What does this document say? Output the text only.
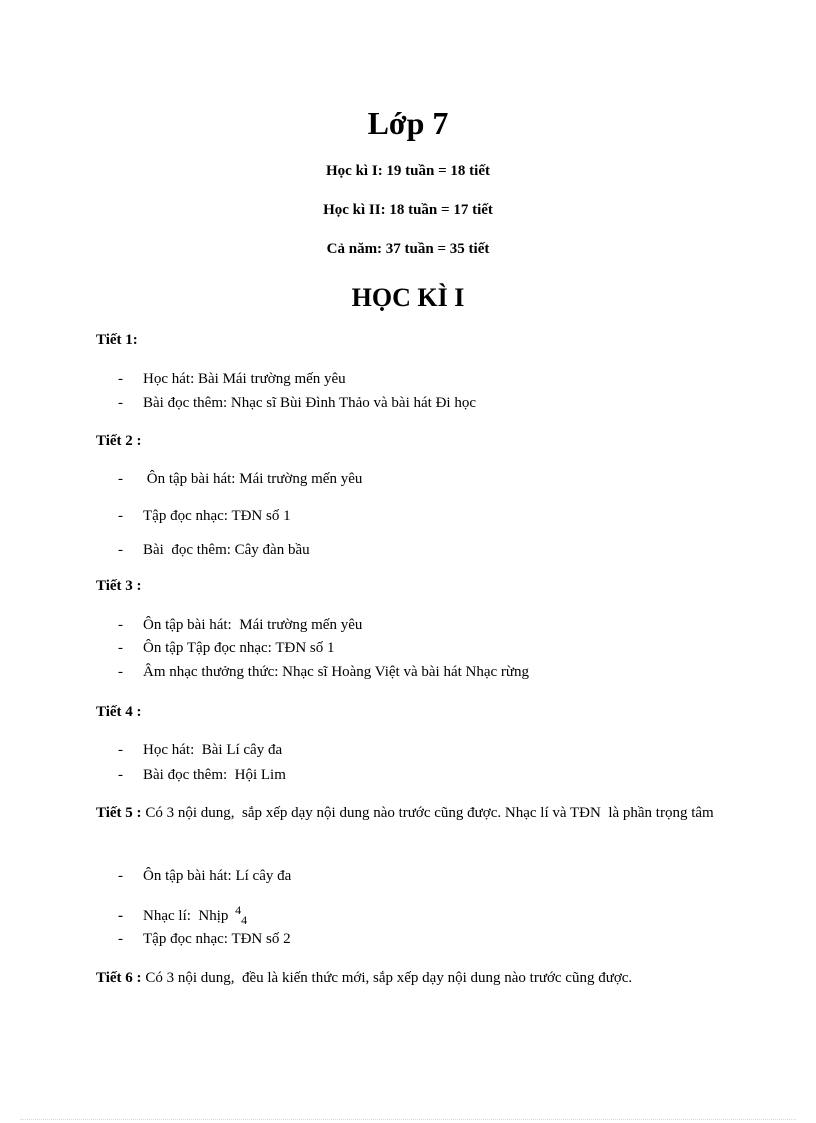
Lớp 7
Học kì I: 19 tuần = 18 tiết
Học kì II: 18 tuần = 17 tiết
Cả năm: 37 tuần = 35 tiết
HỌC KÌ I
Tiết 1:
- Học hát: Bài Mái trường mến yêu
- Bài đọc thêm: Nhạc sĩ Bùi Đình Thảo và bài hát Đi học
Tiết 2 :
- Ôn tập bài hát: Mái trường mến yêu
- Tập đọc nhạc: TĐN số 1
- Bài  đọc thêm: Cây đàn bầu
Tiết 3 :
- Ôn tập bài hát:  Mái trường mến yêu
- Ôn tập Tập đọc nhạc: TĐN số 1
- Âm nhạc thưởng thức: Nhạc sĩ Hoàng Việt và bài hát Nhạc rừng
Tiết 4 :
- Học hát:  Bài Lí cây đa
- Bài đọc thêm:  Hội Lim
Tiết 5 : Có 3 nội dung,  sắp xếp dạy nội dung nào trước cũng được. Nhạc lí và TĐN  là phần trọng tâm
- Ôn tập bài hát: Lí cây đa
- Nhạc lí:  Nhịp $^4_4$
- Tập đọc nhạc: TĐN số 2
Tiết 6 : Có 3 nội dung,  đều là kiến thức mới, sắp xếp dạy nội dung nào trước cũng được.
